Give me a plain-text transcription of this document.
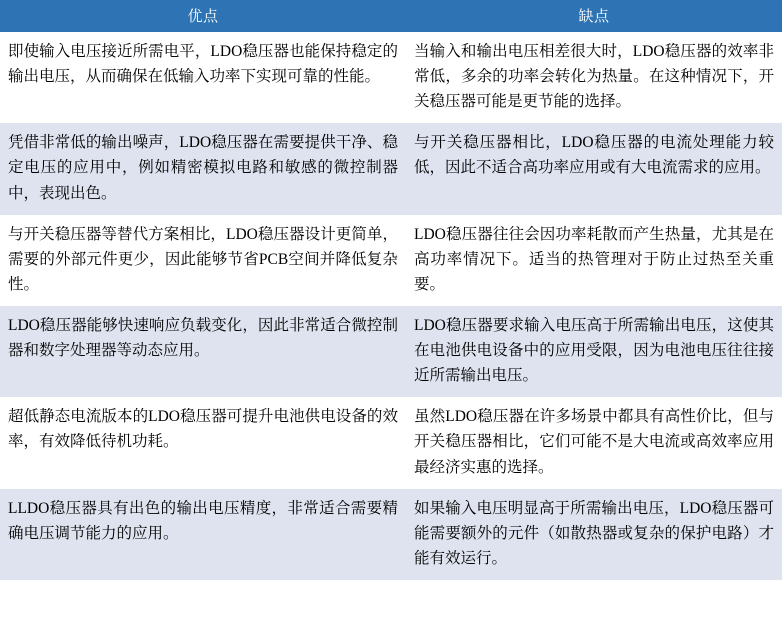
优点	缺点

即使输入电压接近所需电平，LDO稳压器也能保持稳定的输出电压，从而确保在低输入功率下实现可靠的性能。	当输入和输出电压相差很大时，LDO稳压器的效率非常低，多余的功率会转化为热量。在这种情况下，开关稳压器可能是更节能的选择。

凭借非常低的输出噪声，LDO稳压器在需要提供干净、稳定电压的应用中，例如精密模拟电路和敏感的微控制器中，表现出色。	与开关稳压器相比，LDO稳压器的电流处理能力较低，因此不适合高功率应用或有大电流需求的应用。

与开关稳压器等替代方案相比，LDO稳压器设计更简单，需要的外部元件更少，因此能够节省PCB空间并降低复杂性。	LDO稳压器往往会因功率耗散而产生热量，尤其是在高功率情况下。适当的热管理对于防止过热至关重要。

LDO稳压器能够快速响应负载变化，因此非常适合微控制器和数字处理器等动态应用。	LDO稳压器要求输入电压高于所需输出电压，这使其在电池供电设备中的应用受限，因为电池电压往往接近所需输出电压。

超低静态电流版本的LDO稳压器可提升电池供电设备的效率，有效降低待机功耗。	虽然LDO稳压器在许多场景中都具有高性价比，但与开关稳压器相比，它们可能不是大电流或高效率应用最经济实惠的选择。

LLDO稳压器具有出色的输出电压精度，非常适合需要精确电压调节能力的应用。	如果输入电压明显高于所需输出电压，LDO稳压器可能需要额外的元件（如散热器或复杂的保护电路）才能有效运行。
